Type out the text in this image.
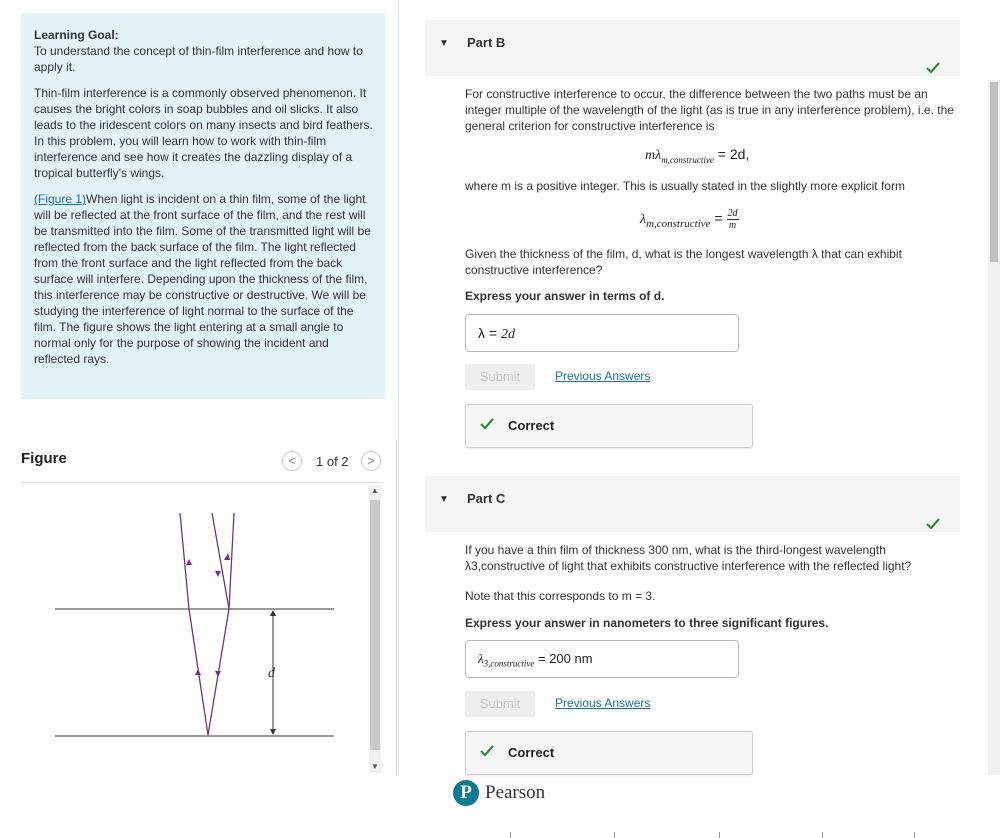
Learning Goal:
To understand the concept of thin-film interference and how to apply it.

Thin-film interference is a commonly observed phenomenon. It causes the bright colors in soap bubbles and oil slicks. It also leads to the iridescent colors on many insects and bird feathers. In this problem, you will learn how to work with thin-film interference and see how it creates the dazzling display of a tropical butterfly's wings.

(Figure 1)When light is incident on a thin film, some of the light will be reflected at the front surface of the film, and the rest will be transmitted into the film. Some of the transmitted light will be reflected from the back surface of the film. The light reflected from the front surface and the light reflected from the back surface will interfere. Depending upon the thickness of the film, this interference may be constructive or destructive. We will be studying the interference of light normal to the surface of the film. The figure shows the light entering at a small angle to normal only for the purpose of showing the incident and reflected rays.

Figure	<	1 of 2	>
d
▲
▼
▼ Part B
For constructive interference to occur, the difference between the two paths must be an integer multiple of the wavelength of the light (as is true in any interference problem), i.e. the general criterion for constructive interference is
$m\lambda_{m,constructive} = 2d$,
where m is a positive integer. This is usually stated in the slightly more explicit form
$\lambda_{m,constructive} = \frac{2d}{m}$
Given the thickness of the film, d, what is the longest wavelength λ that can exhibit constructive interference?
Express your answer in terms of d.
λ = 2d
Submit	Previous Answers
Correct
▼ Part C
If you have a thin film of thickness 300 nm, what is the third-longest wavelength λ3,constructive of light that exhibits constructive interference with the reflected light?
Note that this corresponds to m = 3.
Express your answer in nanometers to three significant figures.
$\lambda_{3,constructive} = 200$ nm
Submit	Previous Answers
Correct
P Pearson
